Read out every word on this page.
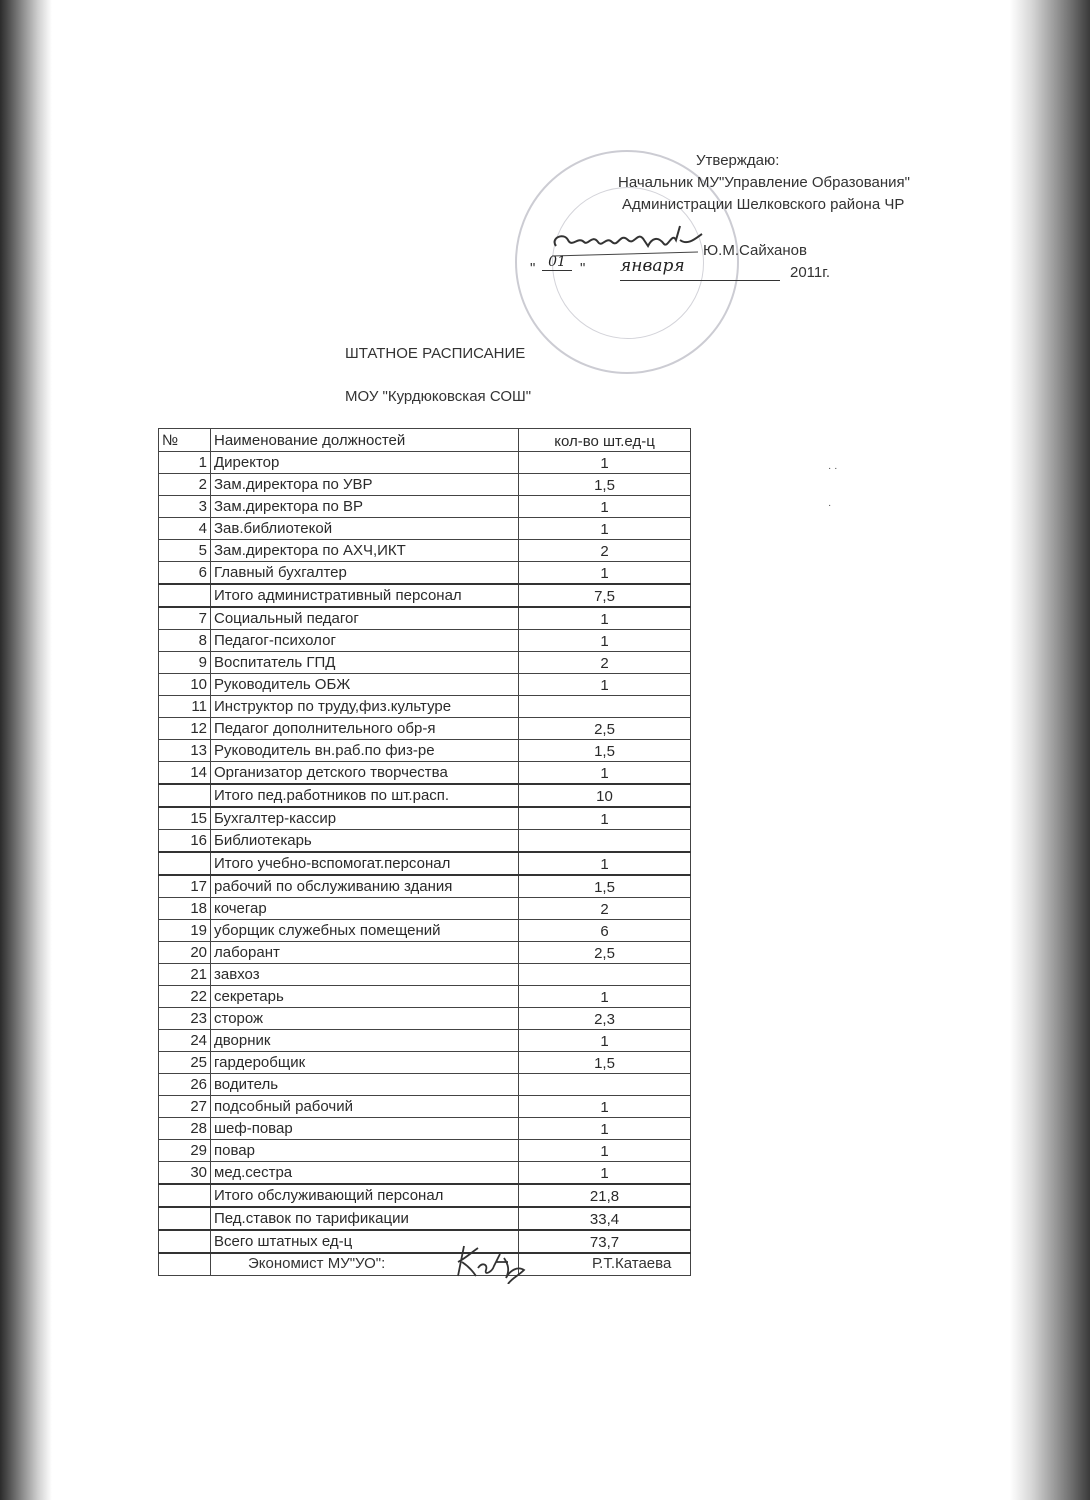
Утверждаю:
Начальник МУ"Управление Образования"
Администрации Шелковского района ЧР
Ю.М.Сайханов
" 01 " января	2011г.
ШТАТНОЕ РАСПИСАНИЕ
МОУ "Курдюковская СОШ"
№	Наименование должностей	кол-во шт.ед-ц
1	Директор	1
2	Зам.директора по УВР	1,5
3	Зам.директора по ВР	1
4	Зав.библиотекой	1
5	Зам.директора по АХЧ,ИКТ	2
6	Главный бухгалтер	1
	Итого административный персонал	7,5
7	Социальный педагог	1
8	Педагог-психолог	1
9	Воспитатель ГПД	2
10	Руководитель ОБЖ	1
11	Инструктор по труду,физ.культуре	
12	Педагог дополнительного обр-я	2,5
13	Руководитель вн.раб.по физ-ре	1,5
14	Организатор детского творчества	1
	Итого пед.работников по шт.расп.	10
15	Бухгалтер-кассир	1
16	Библиотекарь	
	Итого учебно-вспомогат.персонал	1
17	рабочий по обслуживанию здания	1,5
18	кочегар	2
19	уборщик служебных помещений	6
20	лаборант	2,5
21	завхоз	
22	секретарь	1
23	сторож	2,3
24	дворник	1
25	гардеробщик	1,5
26	водитель	
27	подсобный рабочий	1
28	шеф-повар	1
29	повар	1
30	мед.сестра	1
	Итого обслуживающий персонал	21,8
	Пед.ставок по тарификации	33,4
	Всего штатных ед-ц	73,7

· ·
·
Экономист МУ"УО":	Р.Т.Катаева
